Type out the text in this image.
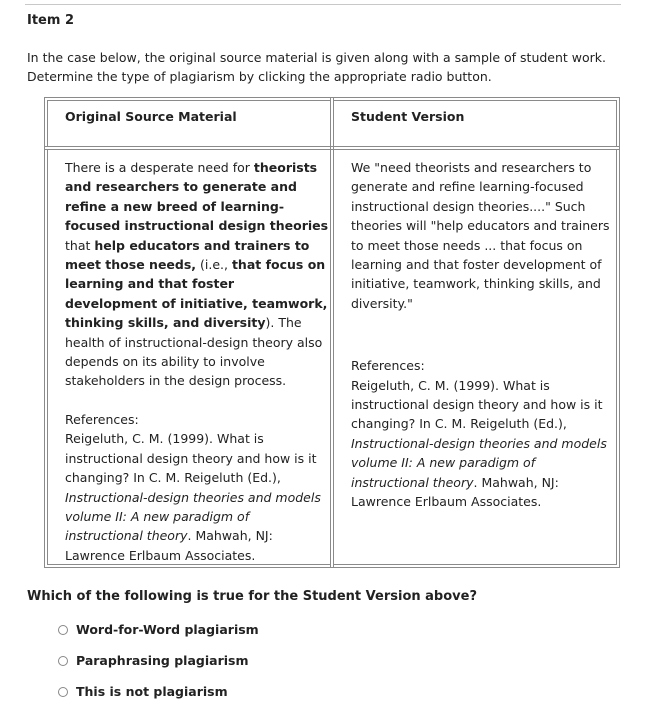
Item 2
In the case below, the original source material is given along with a sample of student work.
Determine the type of plagiarism by clicking the appropriate radio button.
Original Source Material	Student Version
There is a desperate need for theorists
and researchers to generate and
refine a new breed of learning-
focused instructional design theories
that help educators and trainers to
meet those needs, (i.e., that focus on
learning and that foster
development of initiative, teamwork,
thinking skills, and diversity). The
health of instructional-design theory also
depends on its ability to involve
stakeholders in the design process.

References:

Reigeluth, C. M. (1999). What is
instructional design theory and how is it
changing? In C. M. Reigeluth (Ed.),
Instructional-design theories and models
volume II: A new paradigm of
instructional theory. Mahwah, NJ:
Lawrence Erlbaum Associates.
We "need theorists and researchers to
generate and refine learning-focused
instructional design theories...." Such
theories will "help educators and trainers
to meet those needs ... that focus on
learning and that foster development of
initiative, teamwork, thinking skills, and
diversity."

References:

Reigeluth, C. M. (1999). What is
instructional design theory and how is it
changing? In C. M. Reigeluth (Ed.),
Instructional-design theories and models
volume II: A new paradigm of
instructional theory. Mahwah, NJ:
Lawrence Erlbaum Associates.
Which of the following is true for the Student Version above?
Word-for-Word plagiarism
Paraphrasing plagiarism
This is not plagiarism
